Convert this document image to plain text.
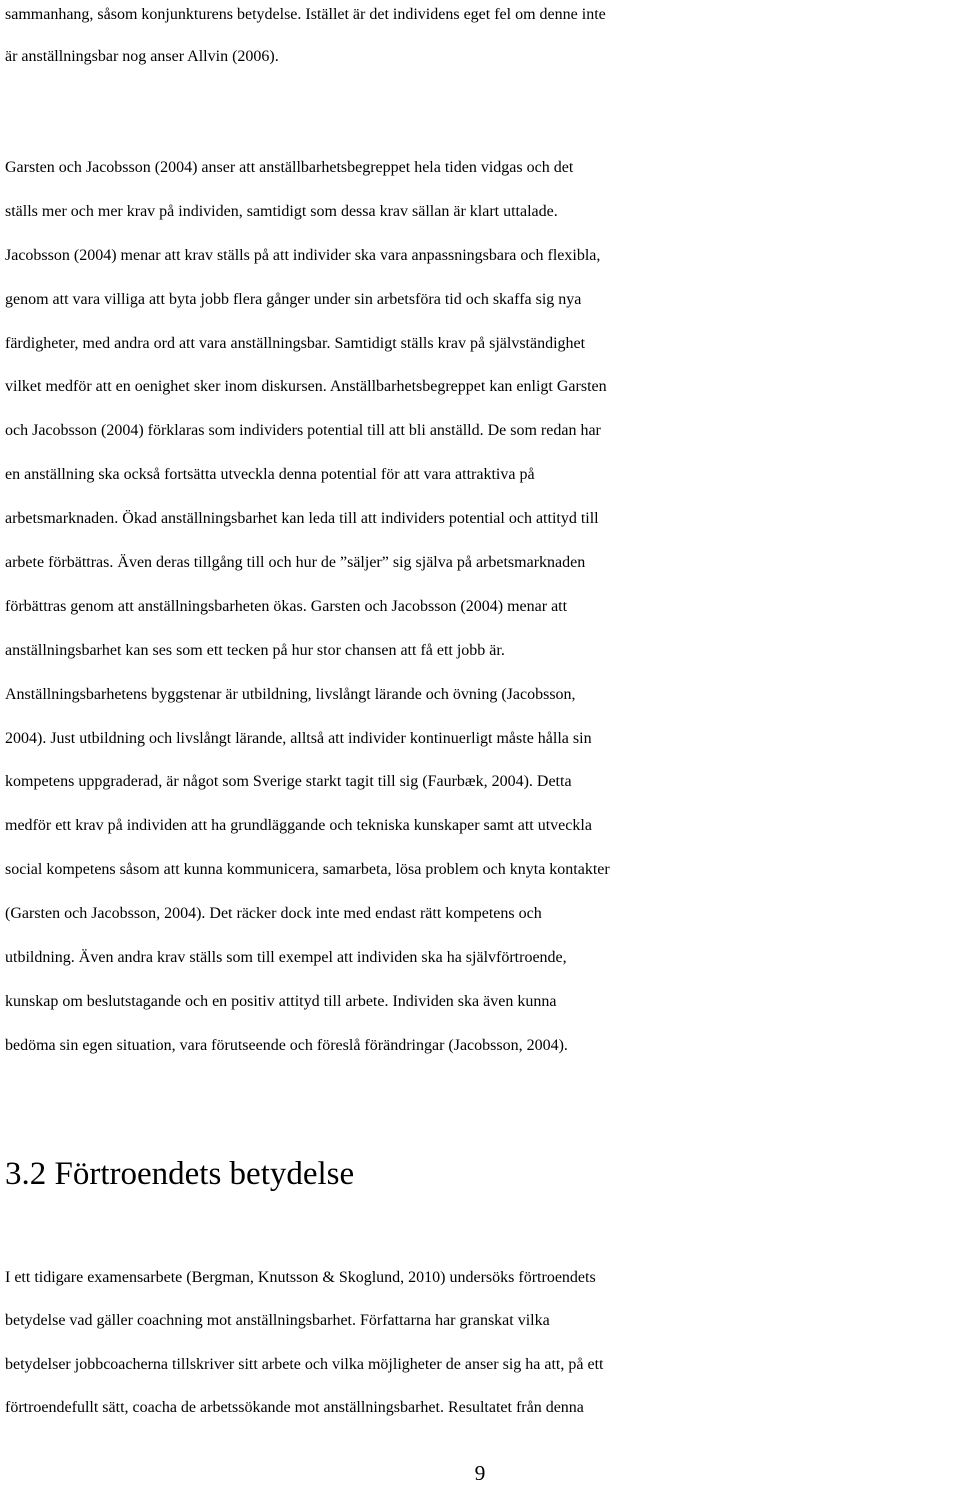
sammanhang, såsom konjunkturens betydelse. Istället är det individens eget fel om denne inte
är anställningsbar nog anser Allvin (2006).
Garsten och Jacobsson (2004) anser att anställbarhetsbegreppet hela tiden vidgas och det
ställs mer och mer krav på individen, samtidigt som dessa krav sällan är klart uttalade.
Jacobsson (2004) menar att krav ställs på att individer ska vara anpassningsbara och flexibla,
genom att vara villiga att byta jobb flera gånger under sin arbetsföra tid och skaffa sig nya
färdigheter, med andra ord att vara anställningsbar. Samtidigt ställs krav på självständighet
vilket medför att en oenighet sker inom diskursen. Anställbarhetsbegreppet kan enligt Garsten
och Jacobsson (2004) förklaras som individers potential till att bli anställd. De som redan har
en anställning ska också fortsätta utveckla denna potential för att vara attraktiva på
arbetsmarknaden. Ökad anställningsbarhet kan leda till att individers potential och attityd till
arbete förbättras. Även deras tillgång till och hur de ”säljer” sig själva på arbetsmarknaden
förbättras genom att anställningsbarheten ökas. Garsten och Jacobsson (2004) menar att
anställningsbarhet kan ses som ett tecken på hur stor chansen att få ett jobb är.
Anställningsbarhetens byggstenar är utbildning, livslångt lärande och övning (Jacobsson,
2004). Just utbildning och livslångt lärande, alltså att individer kontinuerligt måste hålla sin
kompetens uppgraderad, är något som Sverige starkt tagit till sig (Faurbæk, 2004). Detta
medför ett krav på individen att ha grundläggande och tekniska kunskaper samt att utveckla
social kompetens såsom att kunna kommunicera, samarbeta, lösa problem och knyta kontakter
(Garsten och Jacobsson, 2004). Det räcker dock inte med endast rätt kompetens och
utbildning. Även andra krav ställs som till exempel att individen ska ha självförtroende,
kunskap om beslutstagande och en positiv attityd till arbete. Individen ska även kunna
bedöma sin egen situation, vara förutseende och föreslå förändringar (Jacobsson, 2004).
3.2 Förtroendets betydelse
I ett tidigare examensarbete (Bergman, Knutsson & Skoglund, 2010) undersöks förtroendets
betydelse vad gäller coachning mot anställningsbarhet. Författarna har granskat vilka
betydelser jobbcoacherna tillskriver sitt arbete och vilka möjligheter de anser sig ha att, på ett
förtroendefullt sätt, coacha de arbetssökande mot anställningsbarhet. Resultatet från denna
9
